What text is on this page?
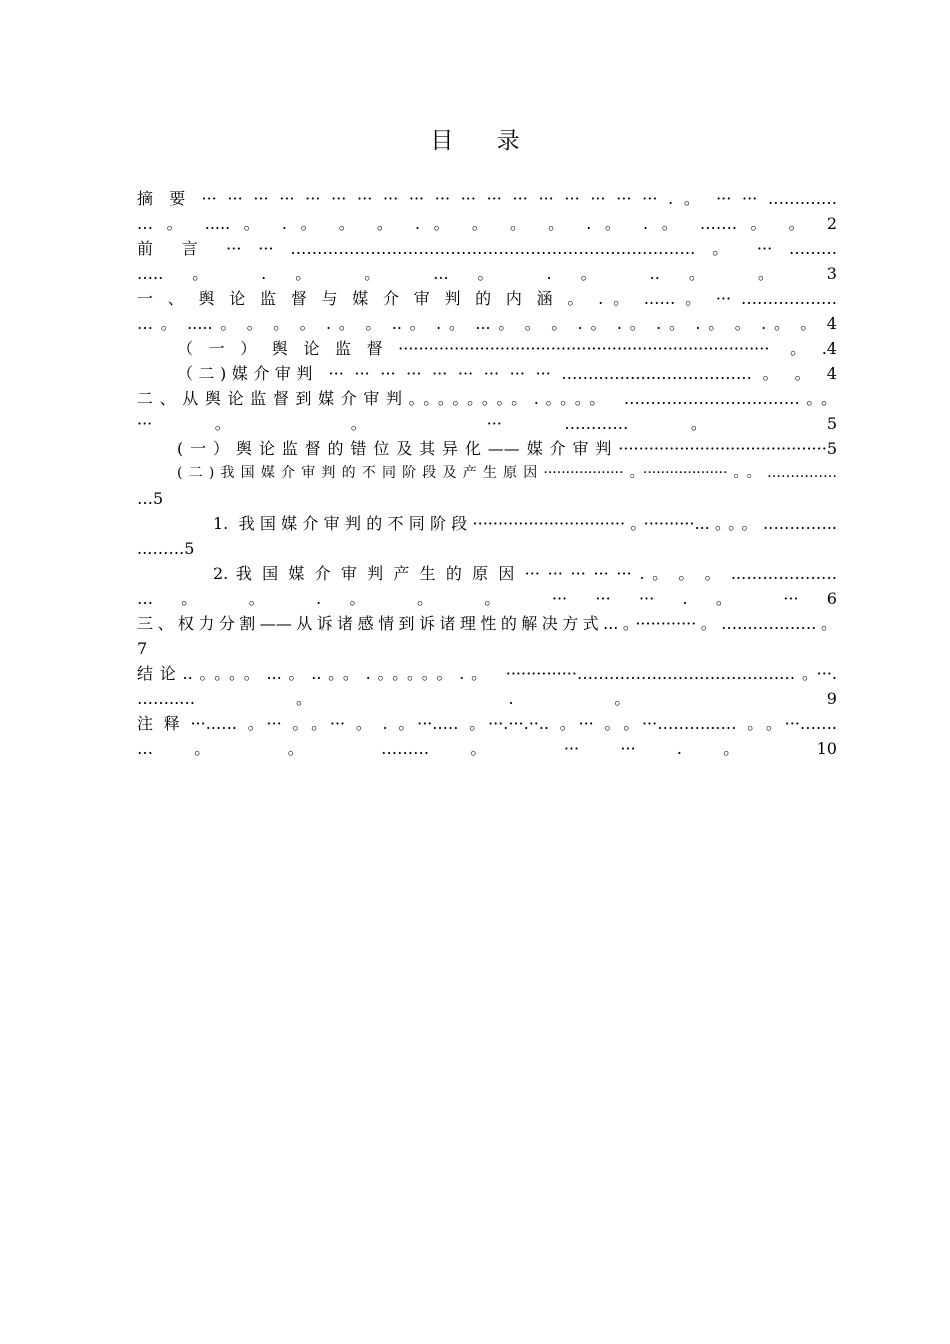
目 录
摘 要 ··· ··· ··· ··· ··· ··· ··· ··· ··· ··· ··· ··· ··· ··· ··· ··· ··· ··· . 。 ··· ··· …….……
… 。 ..... 。 . 。 。 。 . 。 。 。 。 . 。 . 。 ……. 。 。 2
前 言 ··· ··· …………………………………………………….…………… 。 ··· ………
….. 。 . 。 。 ... 。 . 。 .. 。 。 3
一 、 舆 论 监 督 与 媒 介 审 判 的 内 涵 。 . 。 ..…. 。 ··· ………………
… 。 ..... 。 。 。 。 . 。 。 .. 。 . 。 ... 。 。 。 . 。 . 。 . 。 . 。 。 . 。 。 4
（一）舆论监督········································································· 。.4
（二)媒介审判 ··· ··· ··· ··· ··· ··· ··· ··· ··· ……..….…...……………… 。 。 4
二、从舆论监督到媒介审判。。。。。。。。.。。。。 ……………………………。。
··· 。 。 ··· ………… 。 5
(一）舆论监督的错位及其异化——媒介审判·········································5
(二)我国媒介审判的不同阶段及产生原因··················。···················。。……………
…5
1. 我国媒介审判的不同阶段······························。··········...。。。…………..
..…….5
2. 我 国 媒 介 审 判 产 生 的 原 因 ··· ··· ··· ··· ··· . 。 。 。 ..………………
… 。 。 . 。 。 。 ··· ··· ··· . 。 ··· 6
三、权力分割——从诉诸感情到诉诸理性的解决方式...。············。.…..…………。
7
结论..。。。。...。..。。.。。。。。.。 ··············……………..……………………。···.
……..… 。 . 。 9
注释···..….。···。。···。.。···..…。···.···.··..。···。。···………...…。。···…….
… 。 。 ……… 。 ··· ··· . 。 10
